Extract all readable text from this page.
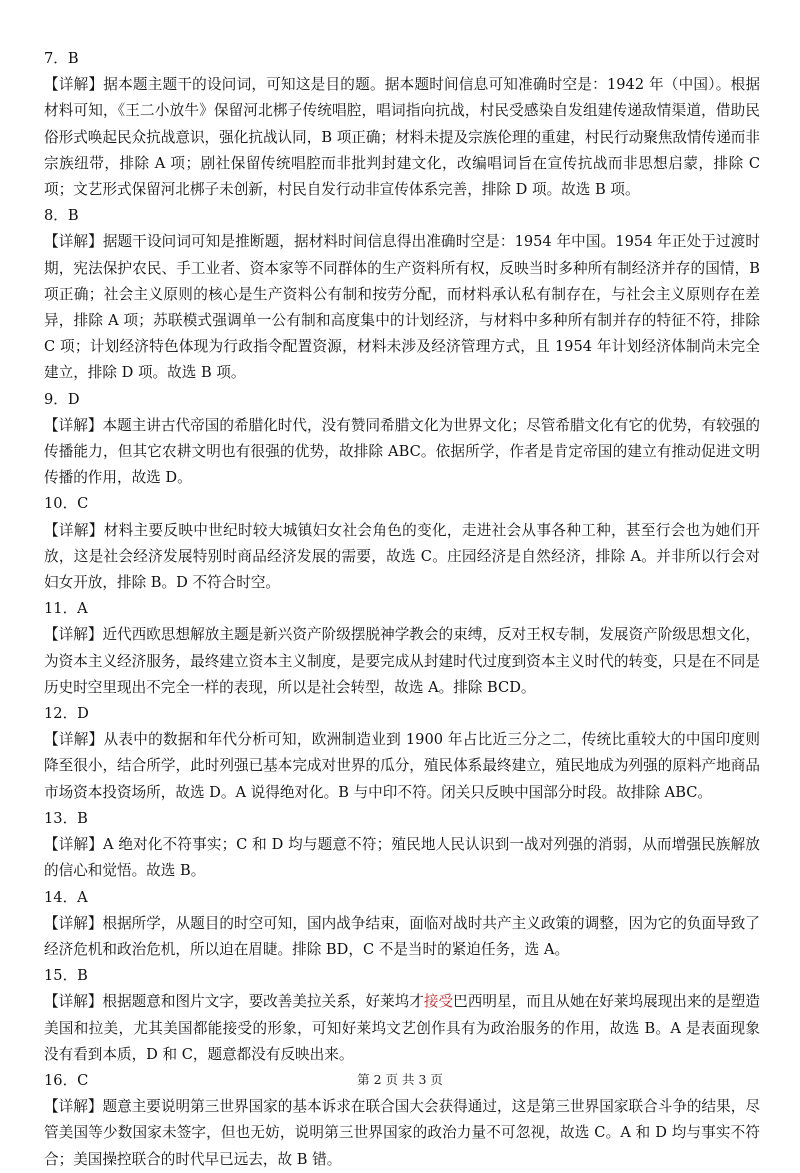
7．B

【详解】据本题主题干的设问词，可知这是目的题。据本题时间信息可知准确时空是：1942 年（中国）。根据材料可知，《王二小放牛》保留河北梆子传统唱腔，唱词指向抗战，村民受感染自发组建传递敌情渠道，借助民俗形式唤起民众抗战意识，强化抗战认同，B 项正确；材料未提及宗族伦理的重建，村民行动聚焦敌情传递而非宗族纽带，排除 A 项；剧社保留传统唱腔而非批判封建文化，改编唱词旨在宣传抗战而非思想启蒙，排除 C 项；文艺形式保留河北梆子未创新，村民自发行动非宣传体系完善，排除 D 项。故选 B 项。

8．B

【详解】据题干设问词可知是推断题，据材料时间信息得出准确时空是：1954 年中国。1954 年正处于过渡时期，宪法保护农民、手工业者、资本家等不同群体的生产资料所有权，反映当时多种所有制经济并存的国情，B 项正确；社会主义原则的核心是生产资料公有制和按劳分配，而材料承认私有制存在，与社会主义原则存在差异，排除 A 项；苏联模式强调单一公有制和高度集中的计划经济，与材料中多种所有制并存的特征不符，排除 C 项；计划经济特色体现为行政指令配置资源，材料未涉及经济管理方式，且 1954 年计划经济体制尚未完全建立，排除 D 项。故选 B 项。

9．D

【详解】本题主讲古代帝国的希腊化时代，没有赞同希腊文化为世界文化；尽管希腊文化有它的优势，有较强的传播能力，但其它农耕文明也有很强的优势，故排除 ABC。依据所学，作者是肯定帝国的建立有推动促进文明传播的作用，故选 D。

10．C

【详解】材料主要反映中世纪时较大城镇妇女社会角色的变化，走进社会从事各种工种，甚至行会也为她们开放，这是社会经济发展特别时商品经济发展的需要，故选 C。庄园经济是自然经济，排除 A。并非所以行会对妇女开放，排除 B。D 不符合时空。

11．A

【详解】近代西欧思想解放主题是新兴资产阶级摆脱神学教会的束缚，反对王权专制，发展资产阶级思想文化，为资本主义经济服务，最终建立资本主义制度，是要完成从封建时代过度到资本主义时代的转变，只是在不同是历史时空里现出不完全一样的表现，所以是社会转型，故选 A。排除 BCD。

12．D

【详解】从表中的数据和年代分析可知，欧洲制造业到 1900 年占比近三分之二，传统比重较大的中国印度则降至很小，结合所学，此时列强已基本完成对世界的瓜分，殖民体系最终建立，殖民地成为列强的原料产地商品市场资本投资场所，故选 D。A 说得绝对化。B 与中印不符。闭关只反映中国部分时段。故排除 ABC。

13．B

【详解】A 绝对化不符事实；C 和 D 均与题意不符；殖民地人民认识到一战对列强的消弱，从而增强民族解放的信心和觉悟。故选 B。

14．A

【详解】根据所学，从题目的时空可知，国内战争结束，面临对战时共产主义政策的调整，因为它的负面导致了经济危机和政治危机，所以迫在眉睫。排除 BD，C 不是当时的紧迫任务，选 A。

15．B

【详解】根据题意和图片文字，要改善美拉关系，好莱坞才接受巴西明星，而且从她在好莱坞展现出来的是塑造美国和拉美，尤其美国都能接受的形象，可知好莱坞文艺创作具有为政治服务的作用，故选 B。A 是表面现象没有看到本质，D 和 C，题意都没有反映出来。

16．C

【详解】题意主要说明第三世界国家的基本诉求在联合国大会获得通过，这是第三世界国家联合斗争的结果，尽管美国等少数国家未签字，但也无妨，说明第三世界国家的政治力量不可忽视，故选 C。A 和 D 均与事实不符合；美国操控联合的时代早已远去，故 B 错。

第 2 页 共 3 页
